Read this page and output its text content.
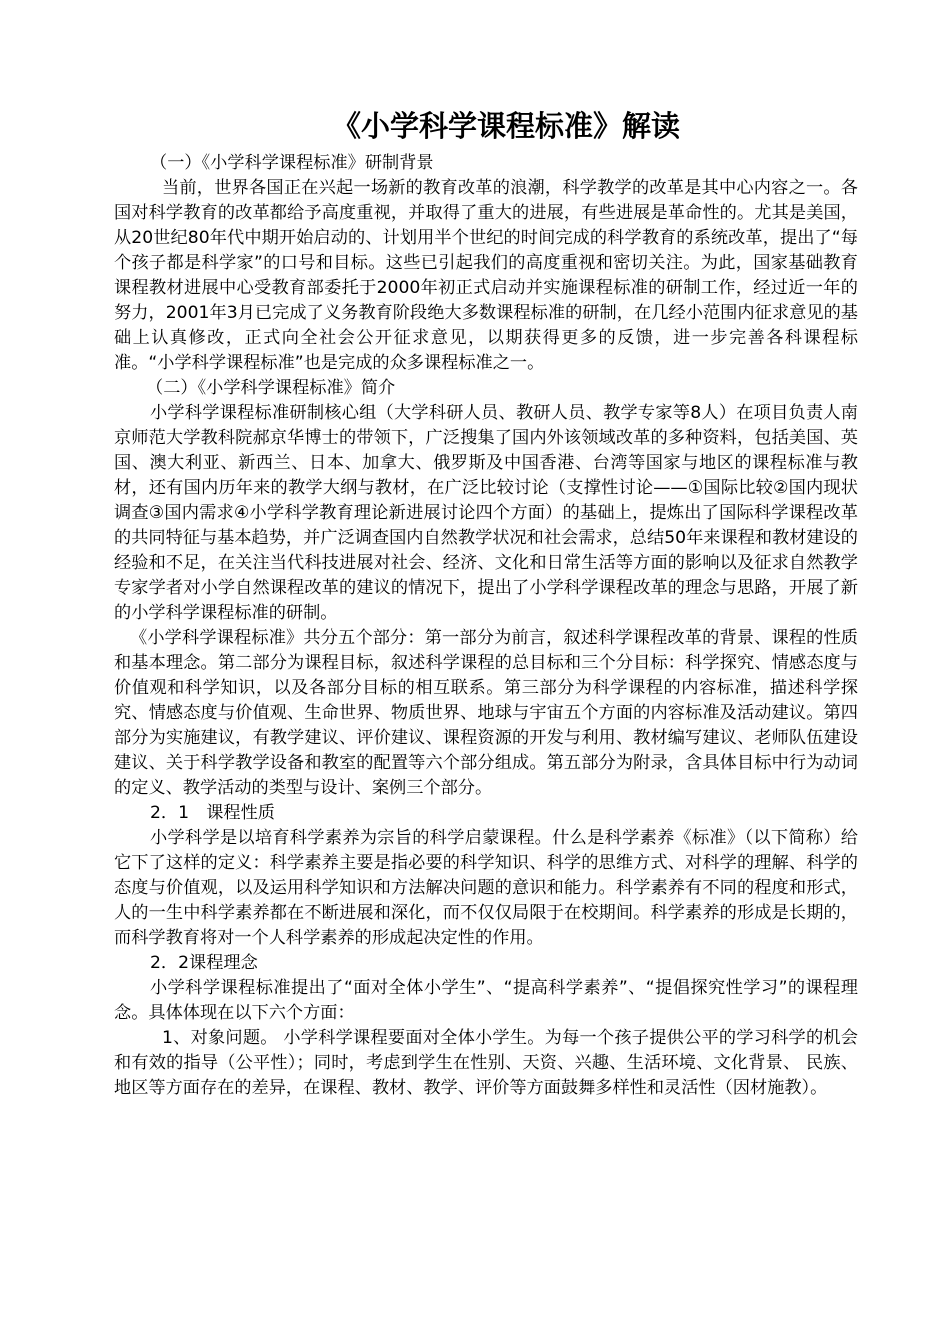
《小学科学课程标准》解读

（一）《小学科学课程标准》研制背景

当前，世界各国正在兴起一场新的教育改革的浪潮，科学教学的改革是其中心内容之一。各国对科学教育的改革都给予高度重视，并取得了重大的进展，有些进展是革命性的。尤其是美国，从20世纪80年代中期开始启动的、计划用半个世纪的时间完成的科学教育的系统改革，提出了“每个孩子都是科学家”的口号和目标。这些已引起我们的高度重视和密切关注。为此，国家基础教育课程教材进展中心受教育部委托于2000年初正式启动并实施课程标准的研制工作，经过近一年的努力，2001年3月已完成了义务教育阶段绝大多数课程标准的研制，在几经小范围内征求意见的基础上认真修改，正式向全社会公开征求意见，以期获得更多的反馈，进一步完善各科课程标准。“小学科学课程标准”也是完成的众多课程标准之一。

（二）《小学科学课程标准》简介

小学科学课程标准研制核心组（大学科研人员、教研人员、教学专家等8人）在项目负责人南京师范大学教科院郝京华博士的带领下，广泛搜集了国内外该领域改革的多种资料，包括美国、英国、澳大利亚、新西兰、日本、加拿大、俄罗斯及中国香港、台湾等国家与地区的课程标准与教材，还有国内历年来的教学大纲与教材，在广泛比较讨论（支撑性讨论——①国际比较②国内现状调查③国内需求④小学科学教育理论新进展讨论四个方面）的基础上，提炼出了国际科学课程改革的共同特征与基本趋势，并广泛调查国内自然教学状况和社会需求，总结50年来课程和教材建设的经验和不足，在关注当代科技进展对社会、经济、文化和日常生活等方面的影响以及征求自然教学专家学者对小学自然课程改革的建议的情况下，提出了小学科学课程改革的理念与思路，开展了新的小学科学课程标准的研制。

《小学科学课程标准》共分五个部分：第一部分为前言，叙述科学课程改革的背景、课程的性质和基本理念。第二部分为课程目标，叙述科学课程的总目标和三个分目标：科学探究、情感态度与价值观和科学知识，以及各部分目标的相互联系。第三部分为科学课程的内容标准，描述科学探究、情感态度与价值观、生命世界、物质世界、地球与宇宙五个方面的内容标准及活动建议。第四部分为实施建议，有教学建议、评价建议、课程资源的开发与利用、教材编写建议、老师队伍建设建议、关于科学教学设备和教室的配置等六个部分组成。第五部分为附录，含具体目标中行为动词的定义、教学活动的类型与设计、案例三个部分。

2．1　课程性质

小学科学是以培育科学素养为宗旨的科学启蒙课程。什么是科学素养《标准》（以下简称）给它下了这样的定义：科学素养主要是指必要的科学知识、科学的思维方式、对科学的理解、科学的态度与价值观，以及运用科学知识和方法解决问题的意识和能力。科学素养有不同的程度和形式，人的一生中科学素养都在不断进展和深化，而不仅仅局限于在校期间。科学素养的形成是长期的，而科学教育将对一个人科学素养的形成起决定性的作用。

2．2课程理念

小学科学课程标准提出了“面对全体小学生”、“提高科学素养”、“提倡探究性学习”的课程理念。具体体现在以下六个方面：

1、对象问题。 小学科学课程要面对全体小学生。为每一个孩子提供公平的学习科学的机会和有效的指导（公平性）；同时，考虑到学生在性别、天资、兴趣、生活环境、文化背景、 民族、地区等方面存在的差异，在课程、教材、教学、评价等方面鼓舞多样性和灵活性（因材施教）。
